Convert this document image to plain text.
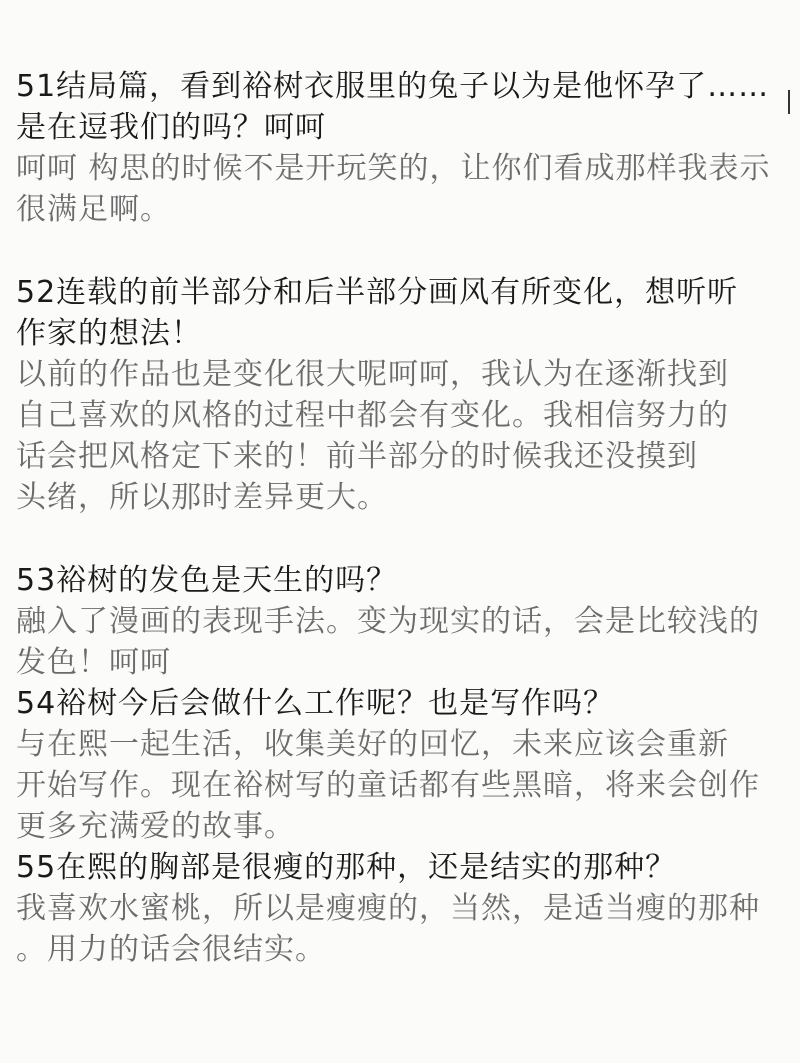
51结局篇，看到裕树衣服里的兔子以为是他怀孕了……
是在逗我们的吗？呵呵
呵呵 构思的时候不是开玩笑的，让你们看成那样我表示
很满足啊。
52连载的前半部分和后半部分画风有所变化，想听听
作家的想法！
以前的作品也是变化很大呢呵呵，我认为在逐渐找到
自己喜欢的风格的过程中都会有变化。我相信努力的
话会把风格定下来的！前半部分的时候我还没摸到
头绪，所以那时差异更大。
53裕树的发色是天生的吗？
融入了漫画的表现手法。变为现实的话，会是比较浅的
发色！呵呵
54裕树今后会做什么工作呢？也是写作吗？
与在熙一起生活，收集美好的回忆，未来应该会重新
开始写作。现在裕树写的童话都有些黑暗，将来会创作
更多充满爱的故事。
55在熙的胸部是很瘦的那种，还是结实的那种？
我喜欢水蜜桃，所以是瘦瘦的，当然，是适当瘦的那种
。用力的话会很结实。
